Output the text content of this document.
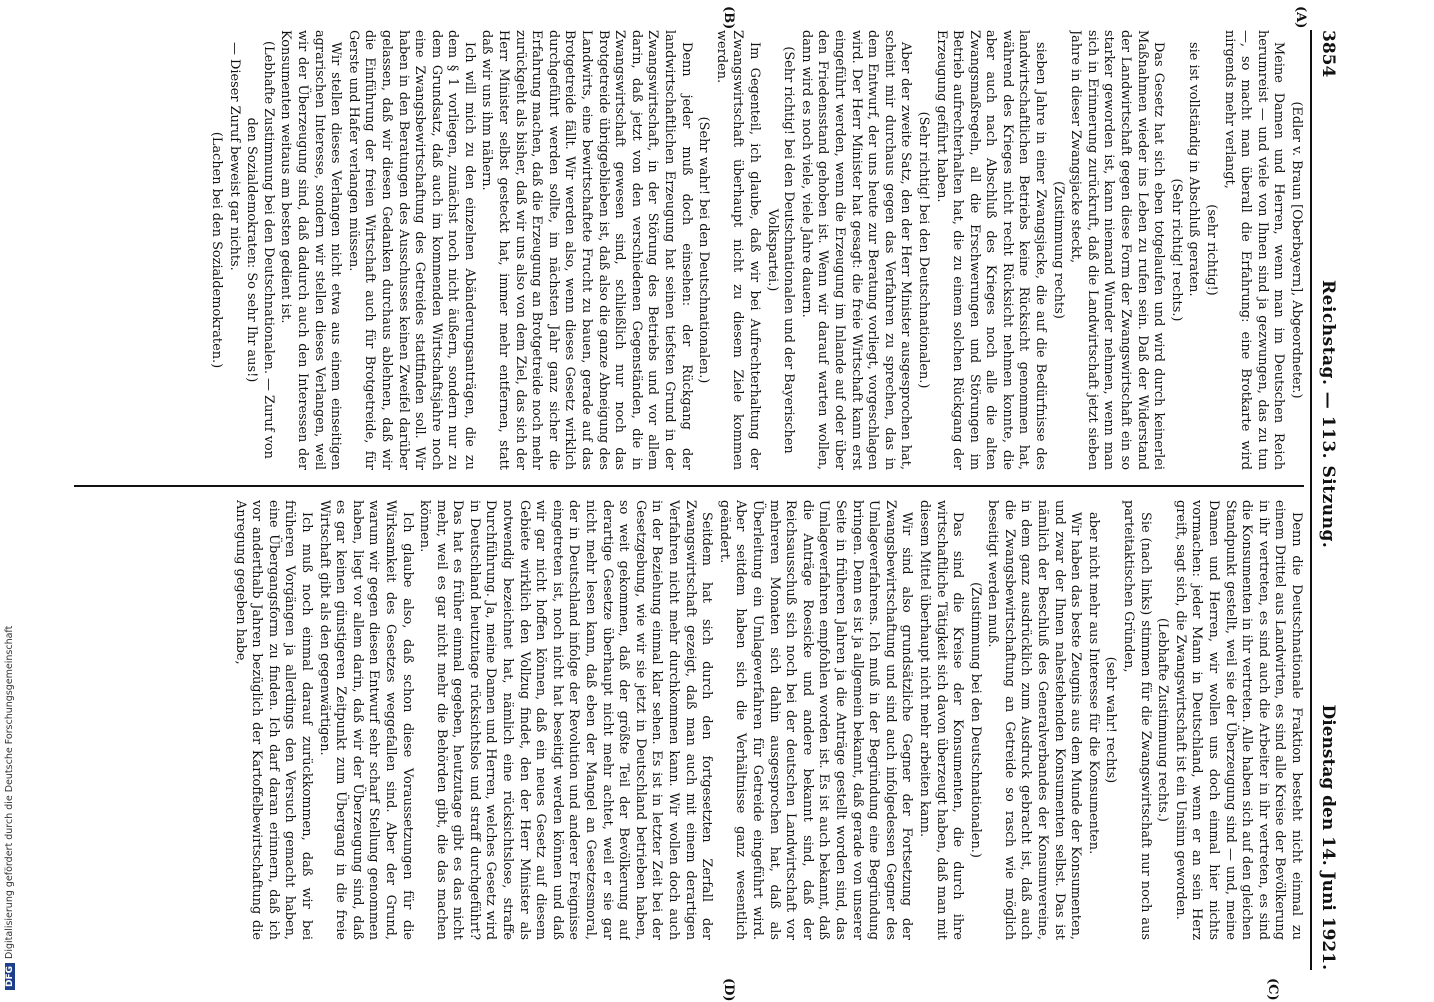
3854
Reichstag. — 113. Sitzung.
Dienstag den 14. Juni 1921.
(A)
(B)
(C)
(D)

(Edler v. Braun [Oberbayern], Abgeordneter.)

Meine Damen und Herren, wenn man im Deutschen Reich herumreist — und viele von Ihnen sind ja gezwungen, das zu tun —, so macht man überall die Erfahrung: eine Brotkarte wird nirgends mehr verlangt,

(sehr richtig!)

sie ist vollständig in Abschluß geraten.

(Sehr richtig! rechts.)

Das Gesetz hat sich eben totgelaufen und wird durch keinerlei Maßnahmen wieder ins Leben zu rufen sein. Daß der Widerstand der Landwirtschaft gegen diese Form der Zwangswirtschaft ein so starker geworden ist, kann niemand Wunder nehmen, wenn man sich in Erinnerung zurückruft, daß die Landwirtschaft jetzt sieben Jahre in dieser Zwangsjacke steckt,

(Zustimmung rechts)

sieben Jahre in einer Zwangsjacke, die auf die Bedürfnisse des landwirtschaftlichen Betriebs keine Rücksicht genommen hat, während des Krieges nicht recht Rücksicht nehmen konnte, die aber auch nach Abschluß des Krieges noch alle die alten Zwangsmaßregeln, all die Erschwerungen und Störungen im Betrieb aufrechterhalten hat, die zu einem solchen Rückgang der Erzeugung geführt haben.

(Sehr richtig! bei den Deutschnationalen.)

Aber der zweite Satz, den der Herr Minister ausgesprochen hat, scheint mir durchaus gegen das Verfahren zu sprechen, das in dem Entwurf, der uns heute zur Beratung vorliegt, vorgeschlagen wird. Der Herr Minister hat gesagt: die freie Wirtschaft kann erst eingeführt werden, wenn die Erzeugung im Inlande auf oder über den Friedensstand gehoben ist. Wenn wir darauf warten wollen, dann wird es noch viele, viele Jahre dauern.

(Sehr richtig! bei den Deutschnationalen und der Bayerischen Volkspartei.)

Im Gegenteil, ich glaube, daß wir bei Aufrechterhaltung der Zwangswirtschaft überhaupt nicht zu diesem Ziele kommen werden.

(Sehr wahr! bei den Deutschnationalen.)

Denn jeder muß doch einsehen: der Rückgang der landwirtschaftlichen Erzeugung hat seinen tiefsten Grund in der Zwangswirtschaft, in der Störung des Betriebs und vor allem darin, daß jetzt von den verschiedenen Gegenständen, die in Zwangswirtschaft gewesen sind, schließlich nur noch das Brotgetreide übriggeblieben ist, daß also die ganze Abneigung des Landwirts, eine bewirtschaftete Frucht zu bauen, gerade auf das Brotgetreide fällt. Wir werden also, wenn dieses Gesetz wirklich durchgeführt werden sollte, im nächsten Jahr ganz sicher die Erfahrung machen, daß die Erzeugung an Brotgetreide noch mehr zurückgeht als bisher, daß wir uns also von dem Ziel, das sich der Herr Minister selbst gesteckt hat, immer mehr entfernen, statt daß wir uns ihm nähern.

Ich will mich zu den einzelnen Abänderungsanträgen, die zu dem § 1 vorliegen, zunächst noch nicht äußern, sondern nur zu dem Grundsatz, daß auch im kommenden Wirtschaftsjahre noch eine Zwangsbewirtschaftung des Getreides stattfinden soll. Wir haben in den Beratungen des Ausschusses keinen Zweifel darüber gelassen, daß wir diesen Gedanken durchaus ablehnen, daß wir die Einführung der freien Wirtschaft auch für Brotgetreide, für Gerste und Hafer verlangen müssen.

Wir stellen dieses Verlangen nicht etwa aus einem einseitigen agrarischen Interesse, sondern wir stellen dieses Verlangen, weil wir der Überzeugung sind, daß dadurch auch den Interessen der Konsumenten weitaus am besten gedient ist.

(Lebhafte Zustimmung bei den Deutschnationalen. — Zuruf von den Sozialdemokraten: So sehr Ihr aus!)

— Dieser Zuruf beweist gar nichts.

(Lachen bei den Sozialdemokraten.)

Denn die Deutschnationale Fraktion besteht nicht einmal zu einem Drittel aus Landwirten, es sind alle Kreise der Bevölkerung in ihr vertreten, es sind auch die Arbeiter in ihr vertreten, es sind die Konsumenten in ihr vertreten. Alle haben sich auf den gleichen Standpunkt gestellt, weil sie der Überzeugung sind — und, meine Damen und Herren, wir wollen uns doch einmal hier nichts vormachen: jeder Mann in Deutschland, wenn er an sein Herz greift, sagt sich, die Zwangswirtschaft ist ein Unsinn geworden.

(Lebhafte Zustimmung rechts.)

Sie (nach links) stimmen für die Zwangswirtschaft nur noch aus parteitaktischen Gründen,

(sehr wahr! rechts)

aber nicht mehr aus Interesse für die Konsumenten.

Wir haben das beste Zeugnis aus dem Munde der Konsumenten, und zwar der Ihnen nahestehenden Konsumenten selbst. Das ist nämlich der Beschluß des Generalverbandes der Konsumvereine, in dem ganz ausdrücklich zum Ausdruck gebracht ist, daß auch die Zwangsbewirtschaftung an Getreide so rasch wie möglich beseitigt werden muß.

(Zustimmung bei den Deutschnationalen.)

Das sind die Kreise der Konsumenten, die durch ihre wirtschaftliche Tätigkeit sich davon überzeugt haben, daß man mit diesem Mittel überhaupt nicht mehr arbeiten kann.

Wir sind also grundsätzliche Gegner der Fortsetzung der Zwangsbewirtschaftung und sind auch infolgedessen Gegner des Umlageverfahrens. Ich muß in der Begründung eine Begründung bringen. Denn es ist ja allgemein bekannt, daß gerade von unserer Seite in früheren Jahren ja die Anträge gestellt worden sind, das Umlageverfahren empfohlen worden ist. Es ist auch bekannt, daß die Anträge Roesicke und andere bekannt sind, daß der Reichsausschuß sich noch bei der deutschen Landwirtschaft vor mehreren Monaten sich dahin ausgesprochen hat, daß als Überleitung ein Umlageverfahren für Getreide eingeführt wird. Aber seitdem haben sich die Verhältnisse ganz wesentlich geändert.

Seitdem hat sich durch den fortgesetzten Zerfall der Zwangswirtschaft gezeigt, daß man auch mit einem derartigen Verfahren nicht mehr durchkommen kann. Wir wollen doch auch in der Beziehung einmal klar sehen. Es ist in letzter Zeit bei der Gesetzgebung, wie wir sie jetzt in Deutschland betrieben haben, so weit gekommen, daß der größte Teil der Bevölkerung auf derartige Gesetze überhaupt nicht mehr achtet, weil er sie gar nicht mehr lesen kann, daß eben der Mangel an Gesetzesmoral, der in Deutschland infolge der Revolution und anderer Ereignisse eingetreten ist, noch nicht hat beseitigt werden können und daß wir gar nicht hoffen können, daß ein neues Gesetz auf diesem Gebiete wirklich den Vollzug findet, den der Herr Minister als notwendig bezeichnet hat, nämlich eine rücksichtslose, straffe Durchführung. Ja, meine Damen und Herren, welches Gesetz wird in Deutschland heutzutage rücksichtslos und straff durchgeführt? Das hat es früher einmal gegeben, heutzutage gibt es das nicht mehr, weil es gar nicht mehr die Behörden gibt, die das machen können.

Ich glaube also, daß schon diese Voraussetzungen für die Wirksamkeit des Gesetzes weggefallen sind. Aber der Grund, warum wir gegen diesen Entwurf sehr scharf Stellung genommen haben, liegt vor allem darin, daß wir der Überzeugung sind, daß es gar keinen günstigeren Zeitpunkt zum Übergang in die freie Wirtschaft gibt als den gegenwärtigen.

Ich muß noch einmal darauf zurückkommen, daß wir bei früheren Vorgängen ja allerdings den Versuch gemacht haben, eine Übergangsform zu finden. Ich darf daran erinnern, daß ich vor anderthalb Jahren bezüglich der Kartoffelbewirtschaftung die Anregung gegeben habe,

DFGDigitalisierung gefördert durch die Deutsche Forschungsgemeinschaft
